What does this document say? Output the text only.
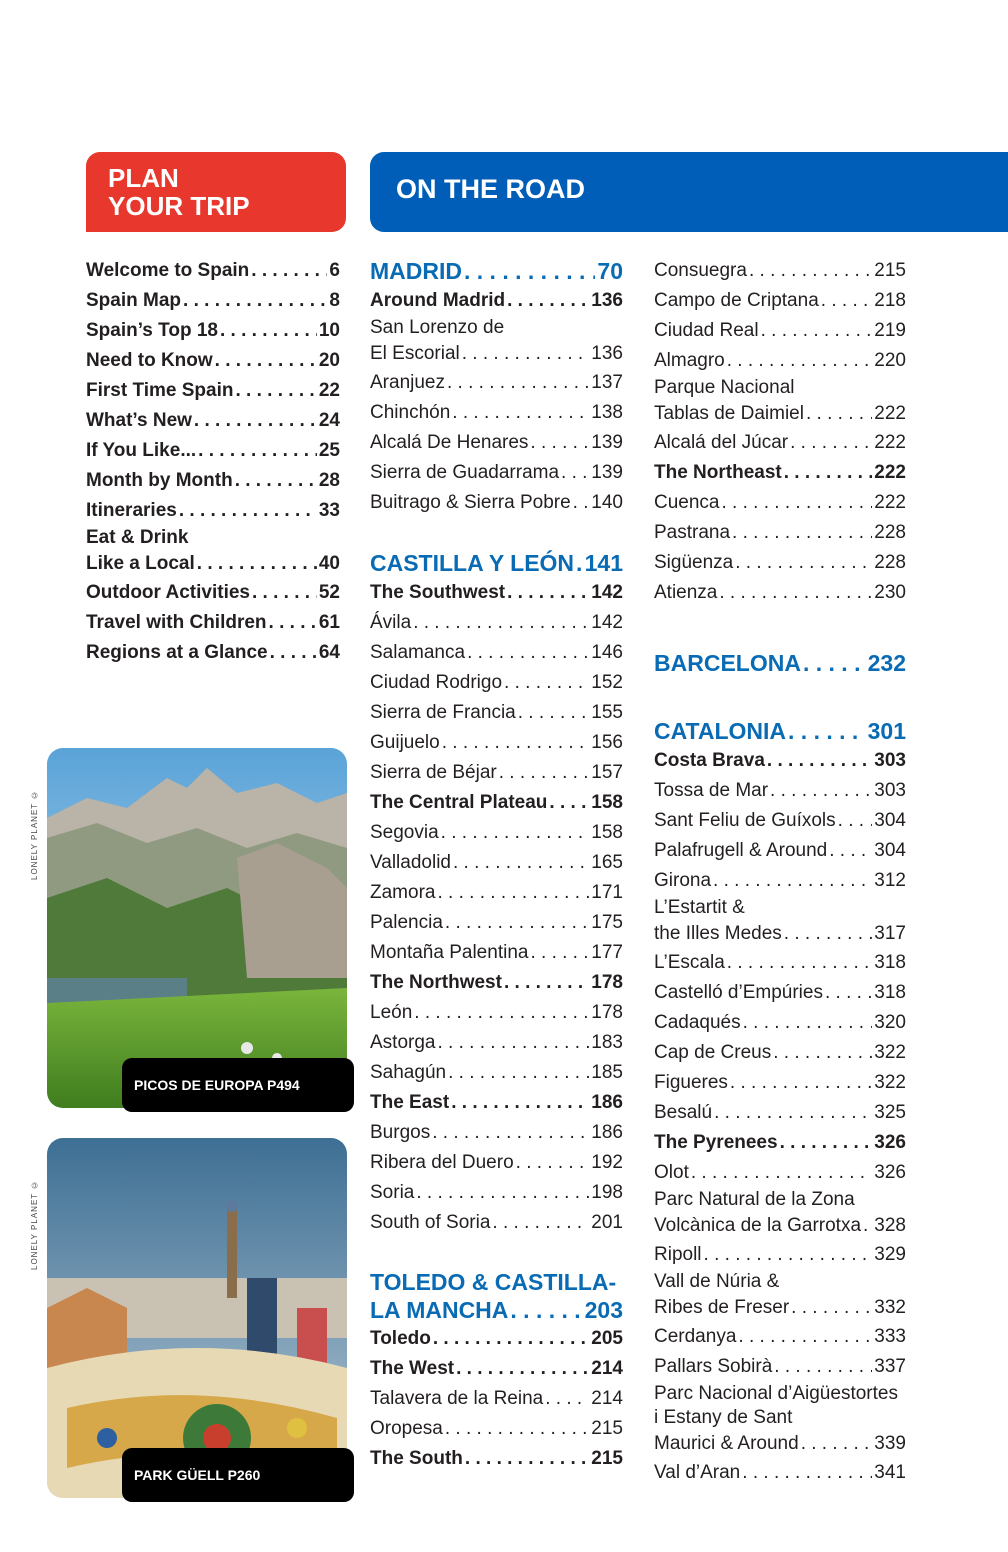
PLAN
YOUR TRIP
ON THE ROAD
Welcome to Spain . . .	6
Spain Map . . .	8
Spain’s Top 18 . . .	10
Need to Know . . .	20
First Time Spain . . .	22
What’s New . . .	24
If You Like... . . .	25
Month by Month . . .	28
Itineraries . . .	33
Eat & Drink
Like a Local . . .	40
Outdoor Activities . . .	52
Travel with Children . . .	61
Regions at a Glance . . .	64
MADRID . . .	70
Around Madrid . . .	136
San Lorenzo de
El Escorial . . .	136
Aranjuez . . .	137
Chinchón . . .	138
Alcalá De Henares . . .	139
Sierra de Guadarrama . . . 139
Buitrago & Sierra Pobre . . . 140
CASTILLA Y LEÓN . . . 141
The Southwest . . .	142
Ávila . . .	142
Salamanca . . .	146
Ciudad Rodrigo . . .	152
Sierra de Francia . . .	155
Guijuelo . . .	156
Sierra de Béjar . . .	157
The Central Plateau . . . 158
Segovia . . .	158
Valladolid . . .	165
Zamora . . .	171
Palencia . . .	175
Montaña Palentina . . .	177
The Northwest . . .	178
León . . .	178
Astorga . . .	183
Sahagún . . .	185
The East . . .	186
Burgos . . .	186
Ribera del Duero . . .	192
Soria . . .	198
South of Soria . . .	201
TOLEDO & CASTILLA-
LA MANCHA . . .	203
Toledo . . .	205
The West . . .	214
Talavera de la Reina . . .	214
Oropesa . . .	215
The South . . .	215
Consuegra . . .	215
Campo de Criptana . . .	218
Ciudad Real . . .	219
Almagro . . .	220
Parque Nacional
Tablas de Daimiel . . .	222
Alcalá del Júcar . . .	222
The Northeast . . .	222
Cuenca . . .	222
Pastrana . . .	228
Sigüenza . . .	228
Atienza . . .	230
BARCELONA . . .	232
CATALONIA . . .	301
Costa Brava . . .	303
Tossa de Mar . . .	303
Sant Feliu de Guíxols . . . 304
Palafrugell & Around . . . 304
Girona . . .	312
L’Estartit &
the Illes Medes . . .	317
L’Escala . . .	318
Castelló d’Empúries . . .	318
Cadaqués . . .	320
Cap de Creus . . .	322
Figueres . . .	322
Besalú . . .	325
The Pyrenees . . .	326
Olot . . .	326
Parc Natural de la Zona
Volcànica de la Garrotxa . . . 328
Ripoll . . .	329
Vall de Núria &
Ribes de Freser . . .	332
Cerdanya . . .	333
Pallars Sobirà . . .	337
Parc Nacional d’Aigüestortes
i Estany de Sant
Maurici & Around . . .	339
Val d’Aran . . .	341
LONELY PLANET ©
PICOS DE EUROPA P494
LONELY PLANET ©
PARK GÜELL P260
